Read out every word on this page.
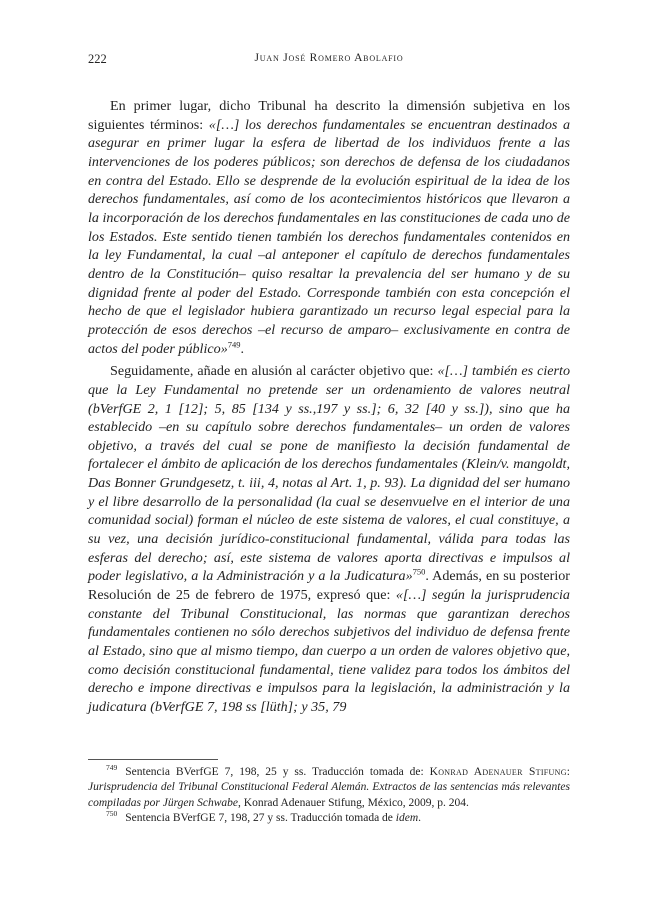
222	Juan José Romero Abolafio

En primer lugar, dicho Tribunal ha descrito la dimensión subjetiva en los siguientes términos: «[…] los derechos fundamentales se encuentran destinados a asegurar en primer lugar la esfera de libertad de los individuos frente a las intervenciones de los poderes públicos; son derechos de defensa de los ciudadanos en contra del Estado. Ello se desprende de la evolución espiritual de la idea de los derechos fundamentales, así como de los acontecimientos históricos que llevaron a la incorporación de los derechos fundamentales en las constituciones de cada uno de los Estados. Este sentido tienen también los derechos fundamentales contenidos en la ley Fundamental, la cual –al anteponer el capítulo de derechos fundamentales dentro de la Constitución– quiso resaltar la prevalencia del ser humano y de su dignidad frente al poder del Estado. Corresponde también con esta concepción el hecho de que el legislador hubiera garantizado un recurso legal especial para la protección de esos derechos –el recurso de amparo– exclusivamente en contra de actos del poder público»$^{749}$.

Seguidamente, añade en alusión al carácter objetivo que: «[…] también es cierto que la Ley Fundamental no pretende ser un ordenamiento de valores neutral (bVerfGE 2, 1 [12]; 5, 85 [134 y ss.,197 y ss.]; 6, 32 [40 y ss.]), sino que ha establecido –en su capítulo sobre derechos fundamentales– un orden de valores objetivo, a través del cual se pone de manifiesto la decisión fundamental de fortalecer el ámbito de aplicación de los derechos fundamentales (Klein/v. mangoldt, Das Bonner Grundgesetz, t. iii, 4, notas al Art. 1, p. 93). La dignidad del ser humano y el libre desarrollo de la personalidad (la cual se desenvuelve en el interior de una comunidad social) forman el núcleo de este sistema de valores, el cual constituye, a su vez, una decisión jurídico-constitucional fundamental, válida para todas las esferas del derecho; así, este sistema de valores aporta directivas e impulsos al poder legislativo, a la Administración y a la Judicatura»$^{750}$. Además, en su posterior Resolución de 25 de febrero de 1975, expresó que: «[…] según la jurisprudencia constante del Tribunal Constitucional, las normas que garantizan derechos fundamentales contienen no sólo derechos subjetivos del individuo de defensa frente al Estado, sino que al mismo tiempo, dan cuerpo a un orden de valores objetivo que, como decisión constitucional fundamental, tiene validez para todos los ámbitos del derecho e impone directivas e impulsos para la legislación, la administración y la judicatura (bVerfGE 7, 198 ss [lüth]; y 35, 79

$^{749}$ Sentencia BVerfGE 7, 198, 25 y ss. Traducción tomada de: Konrad Adenauer Stifung: Jurisprudencia del Tribunal Constitucional Federal Alemán. Extractos de las sentencias más relevantes compiladas por Jürgen Schwabe, Konrad Adenauer Stifung, México, 2009, p. 204.

$^{750}$ Sentencia BVerfGE 7, 198, 27 y ss. Traducción tomada de idem.
